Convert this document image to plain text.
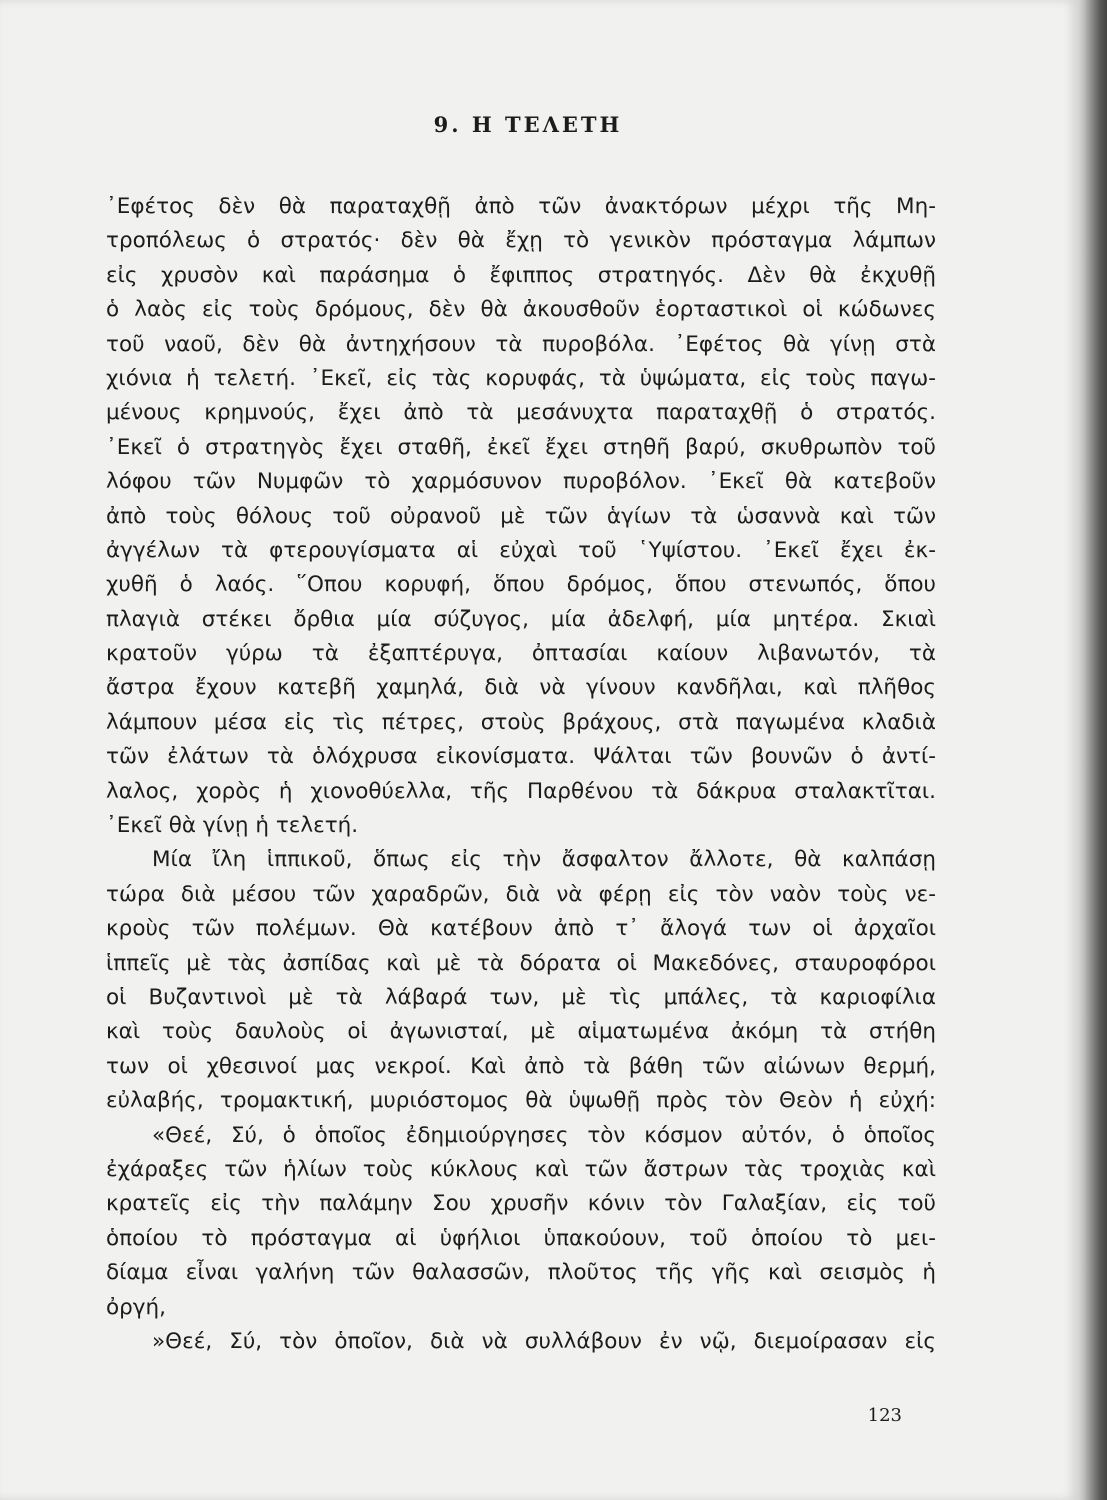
9. Η ΤΕΛΕΤΗ
᾿Εφέτος δὲν θὰ παραταχθῇ ἀπὸ τῶν ἀνακτόρων μέχρι τῆς Μη-
τροπόλεως ὁ στρατός· δὲν θὰ ἔχῃ τὸ γενικὸν πρόσταγμα λάμπων
εἰς χρυσὸν καὶ παράσημα ὁ ἔφιππος στρατηγός. Δὲν θὰ ἐκχυθῇ
ὁ λαὸς εἰς τοὺς δρόμους, δὲν θὰ ἀκουσθοῦν ἑορταστικοὶ οἱ κώδωνες
τοῦ ναοῦ, δὲν θὰ ἀντηχήσουν τὰ πυροβόλα. ᾿Εφέτος θὰ γίνῃ στὰ
χιόνια ἡ τελετή. ᾿Εκεῖ, εἰς τὰς κορυφάς, τὰ ὑψώματα, εἰς τοὺς παγω-
μένους κρημνούς, ἔχει ἀπὸ τὰ μεσάνυχτα παραταχθῇ ὁ στρατός.
᾿Εκεῖ ὁ στρατηγὸς ἔχει σταθῆ, ἐκεῖ ἔχει στηθῆ βαρύ, σκυθρωπὸν τοῦ
λόφου τῶν Νυμφῶν τὸ χαρμόσυνον πυροβόλον. ᾿Εκεῖ θὰ κατεβοῦν
ἀπὸ τοὺς θόλους τοῦ οὐρανοῦ μὲ τῶν ἁγίων τὰ ὡσαννὰ καὶ τῶν
ἀγγέλων τὰ φτερουγίσματα αἱ εὐχαὶ τοῦ ῾Υψίστου. ᾿Εκεῖ ἔχει ἐκ-
χυθῆ ὁ λαός. ῞Οπου κορυφή, ὅπου δρόμος, ὅπου στενωπός, ὅπου
πλαγιὰ στέκει ὄρθια μία σύζυγος, μία ἀδελφή, μία μητέρα. Σκιαὶ
κρατοῦν γύρω τὰ ἐξαπτέρυγα, ὀπτασίαι καίουν λιβανωτόν, τὰ
ἄστρα ἔχουν κατεβῆ χαμηλά, διὰ νὰ γίνουν κανδῆλαι, καὶ πλῆθος
λάμπουν μέσα εἰς τὶς πέτρες, στοὺς βράχους, στὰ παγωμένα κλαδιὰ
τῶν ἐλάτων τὰ ὁλόχρυσα εἰκονίσματα. Ψάλται τῶν βουνῶν ὁ ἀντί-
λαλος, χορὸς ἡ χιονοθύελλα, τῆς Παρθένου τὰ δάκρυα σταλακτῖται.
᾿Εκεῖ θὰ γίνῃ ἡ τελετή.
Μία ἴλη ἱππικοῦ, ὅπως εἰς τὴν ἄσφαλτον ἄλλοτε, θὰ καλπάσῃ
τώρα διὰ μέσου τῶν χαραδρῶν, διὰ νὰ φέρῃ εἰς τὸν ναὸν τοὺς νε-
κροὺς τῶν πολέμων. Θὰ κατέβουν ἀπὸ τ᾿ ἄλογά των οἱ ἀρχαῖοι
ἱππεῖς μὲ τὰς ἀσπίδας καὶ μὲ τὰ δόρατα οἱ Μακεδόνες, σταυροφόροι
οἱ Βυζαντινοὶ μὲ τὰ λάβαρά των, μὲ τὶς μπάλες, τὰ καριοφίλια
καὶ τοὺς δαυλοὺς οἱ ἀγωνισταί, μὲ αἱματωμένα ἀκόμη τὰ στήθη
των οἱ χθεσινοί μας νεκροί. Καὶ ἀπὸ τὰ βάθη τῶν αἰώνων θερμή,
εὐλαβής, τρομακτική, μυριόστομος θὰ ὑψωθῇ πρὸς τὸν Θεὸν ἡ εὐχή:
«Θεέ, Σύ, ὁ ὁποῖος ἐδημιούργησες τὸν κόσμον αὐτόν, ὁ ὁποῖος
ἐχάραξες τῶν ἡλίων τοὺς κύκλους καὶ τῶν ἄστρων τὰς τροχιὰς καὶ
κρατεῖς εἰς τὴν παλάμην Σου χρυσῆν κόνιν τὸν Γαλαξίαν, εἰς τοῦ
ὁποίου τὸ πρόσταγμα αἱ ὑφήλιοι ὑπακούουν, τοῦ ὁποίου τὸ μει-
δίαμα εἶναι γαλήνη τῶν θαλασσῶν, πλοῦτος τῆς γῆς καὶ σεισμὸς ἡ
ὀργή,
»Θεέ, Σύ, τὸν ὁποῖον, διὰ νὰ συλλάβουν ἐν νῷ, διεμοίρασαν εἰς
123
